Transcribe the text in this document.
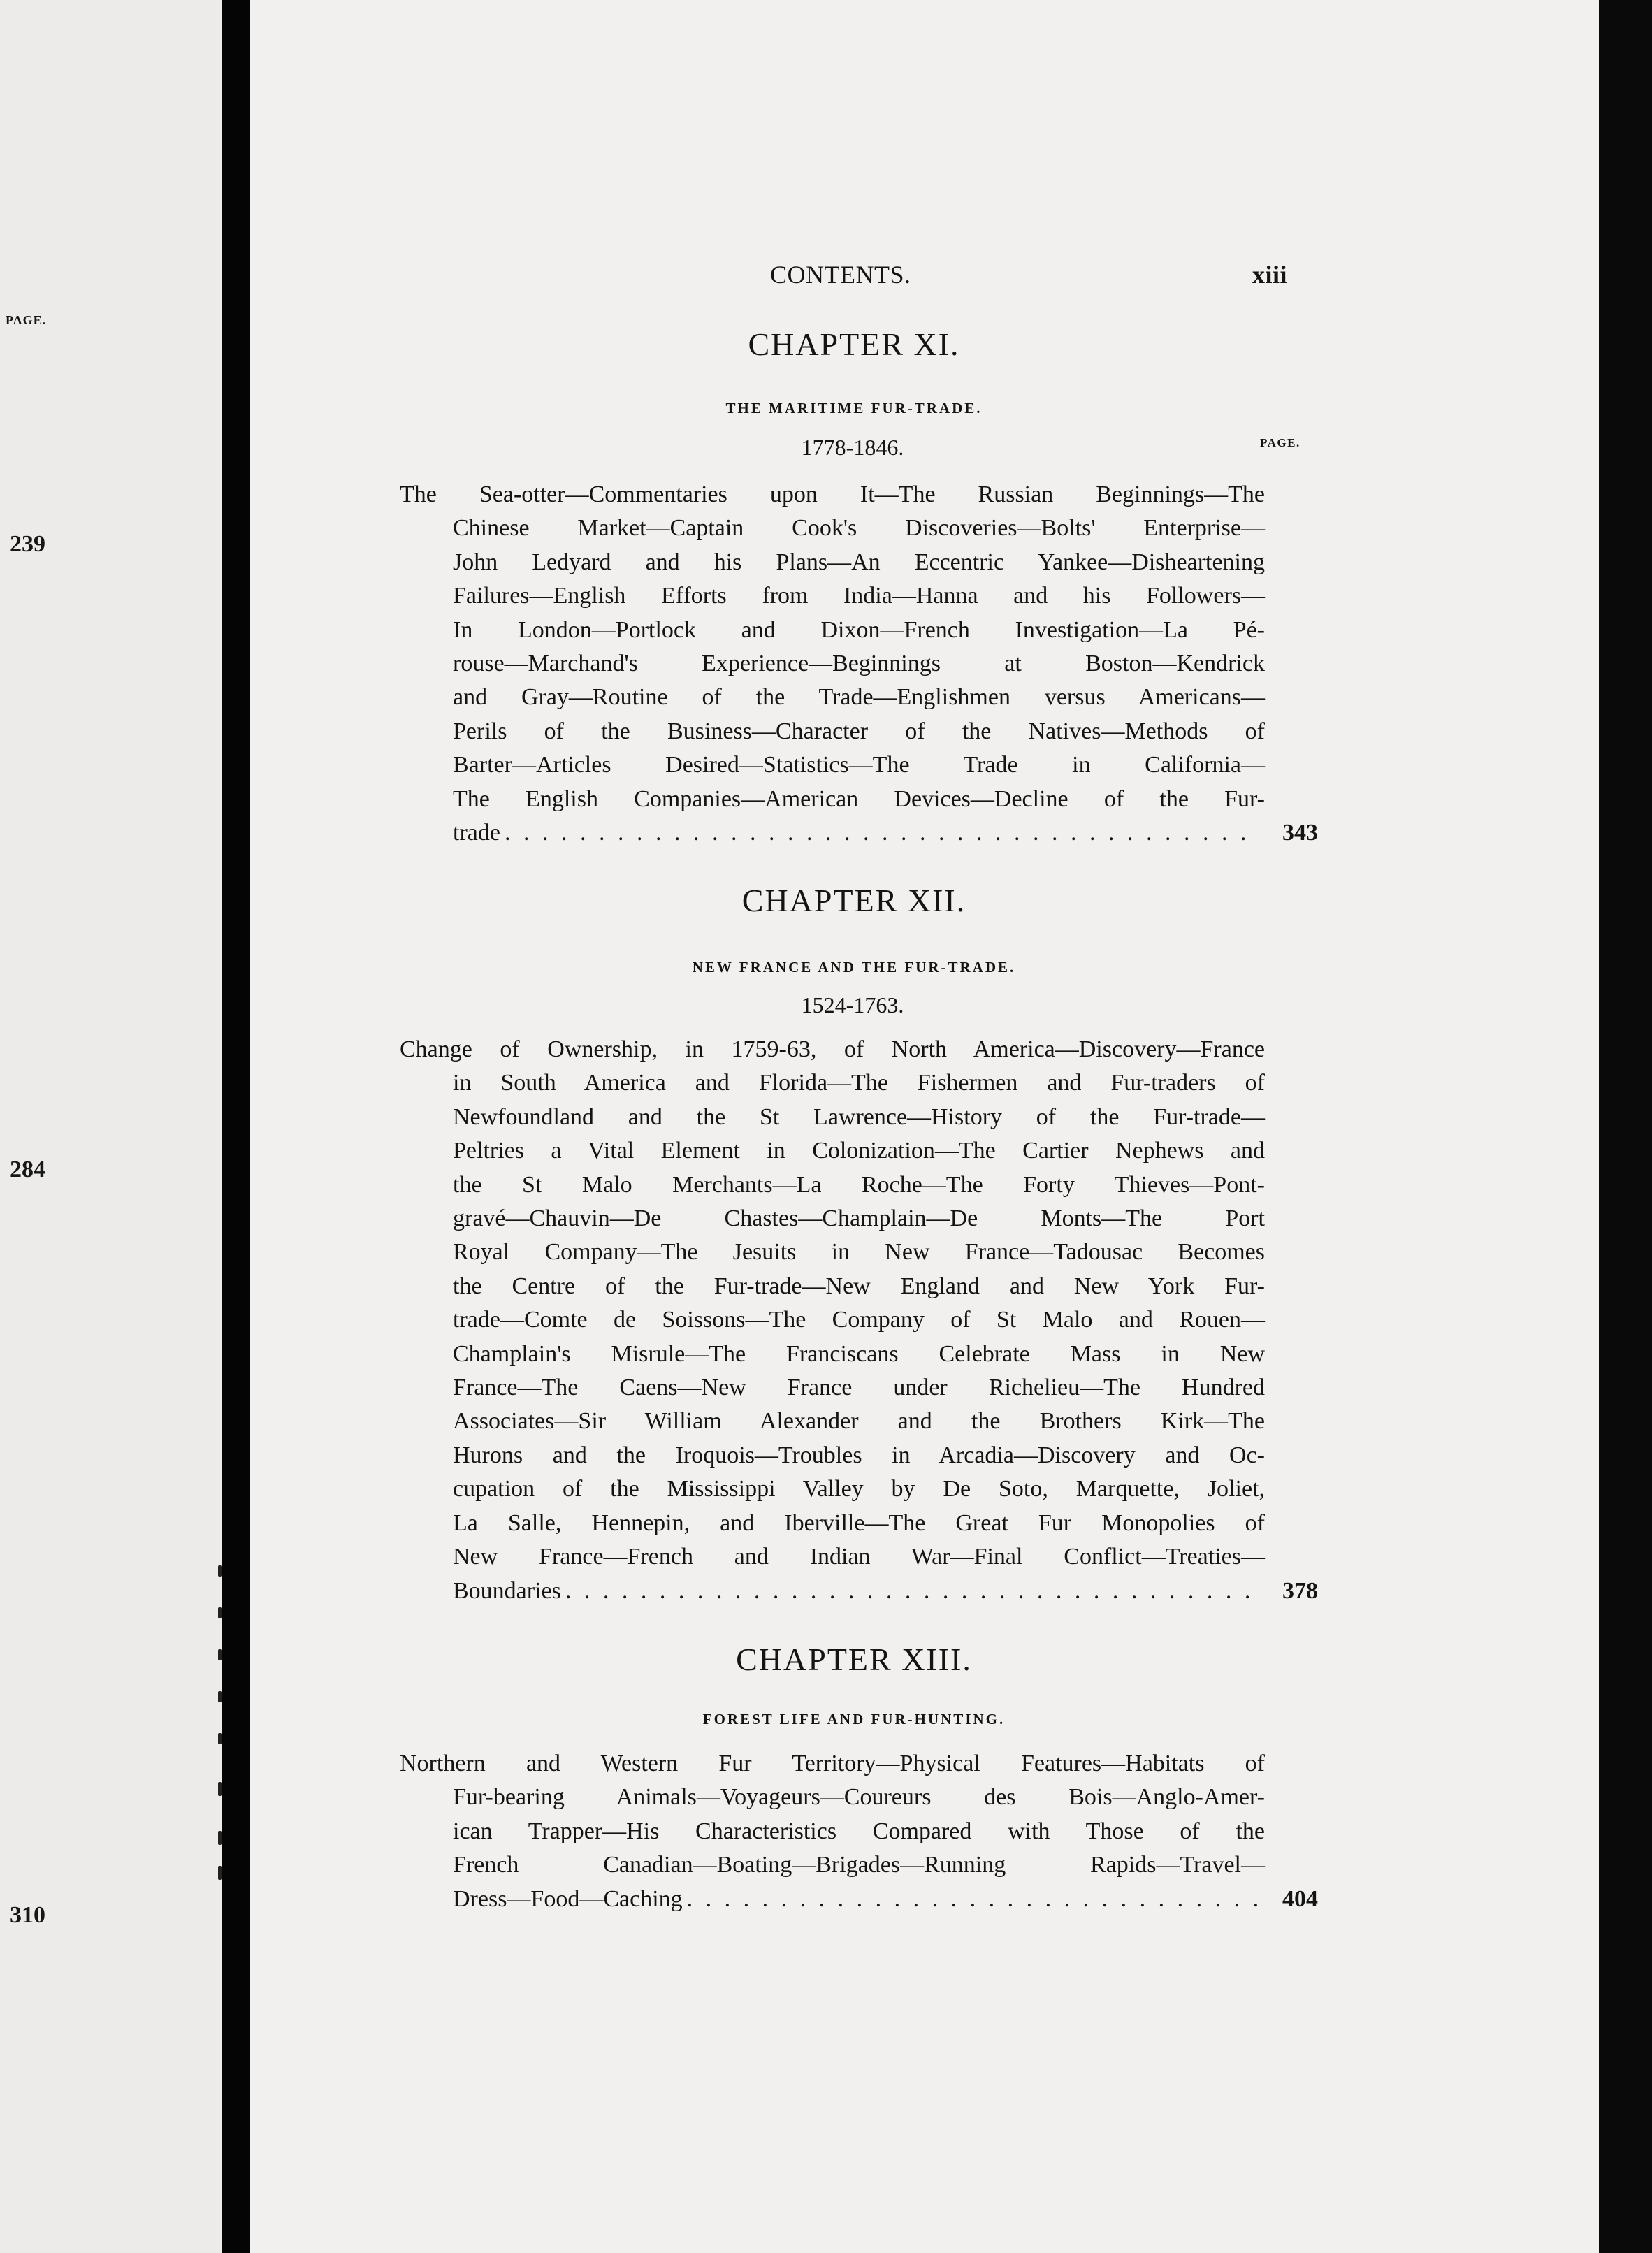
PAGE.
239
284
310
CONTENTS.	xiii
CHAPTER XI.
THE MARITIME FUR-TRADE.
1778-1846.	PAGE.
The Sea-otter—Commentaries upon It—The Russian Beginnings—The
Chinese Market—Captain Cook's Discoveries—Bolts' Enterprise—
John Ledyard and his Plans—An Eccentric Yankee—Disheartening
Failures—English Efforts from India—Hanna and his Followers—
In London—Portlock and Dixon—French Investigation—La Pé-
rouse—Marchand's Experience—Beginnings at Boston—Kendrick
and Gray—Routine of the Trade—Englishmen versus Americans—
Perils of the Business—Character of the Natives—Methods of
Barter—Articles Desired—Statistics—The Trade in California—
The English Companies—American Devices—Decline of the Fur-
trade . . .	343
CHAPTER XII.
NEW FRANCE AND THE FUR-TRADE.
1524-1763.
Change of Ownership, in 1759-63, of North America—Discovery—France
in South America and Florida—The Fishermen and Fur-traders of
Newfoundland and the St Lawrence—History of the Fur-trade—
Peltries a Vital Element in Colonization—The Cartier Nephews and
the St Malo Merchants—La Roche—The Forty Thieves—Pont-
gravé—Chauvin—De Chastes—Champlain—De Monts—The Port
Royal Company—The Jesuits in New France—Tadousac Becomes
the Centre of the Fur-trade—New England and New York Fur-
trade—Comte de Soissons—The Company of St Malo and Rouen—
Champlain's Misrule—The Franciscans Celebrate Mass in New
France—The Caens—New France under Richelieu—The Hundred
Associates—Sir William Alexander and the Brothers Kirk—The
Hurons and the Iroquois—Troubles in Arcadia—Discovery and Oc-
cupation of the Mississippi Valley by De Soto, Marquette, Joliet,
La Salle, Hennepin, and Iberville—The Great Fur Monopolies of
New France—French and Indian War—Final Conflict—Treaties—
Boundaries . . .	378
CHAPTER XIII.
FOREST LIFE AND FUR-HUNTING.
Northern and Western Fur Territory—Physical Features—Habitats of
Fur-bearing Animals—Voyageurs—Coureurs des Bois—Anglo-Amer-
ican Trapper—His Characteristics Compared with Those of the
French Canadian—Boating—Brigades—Running Rapids—Travel—
Dress—Food—Caching . . .	404
